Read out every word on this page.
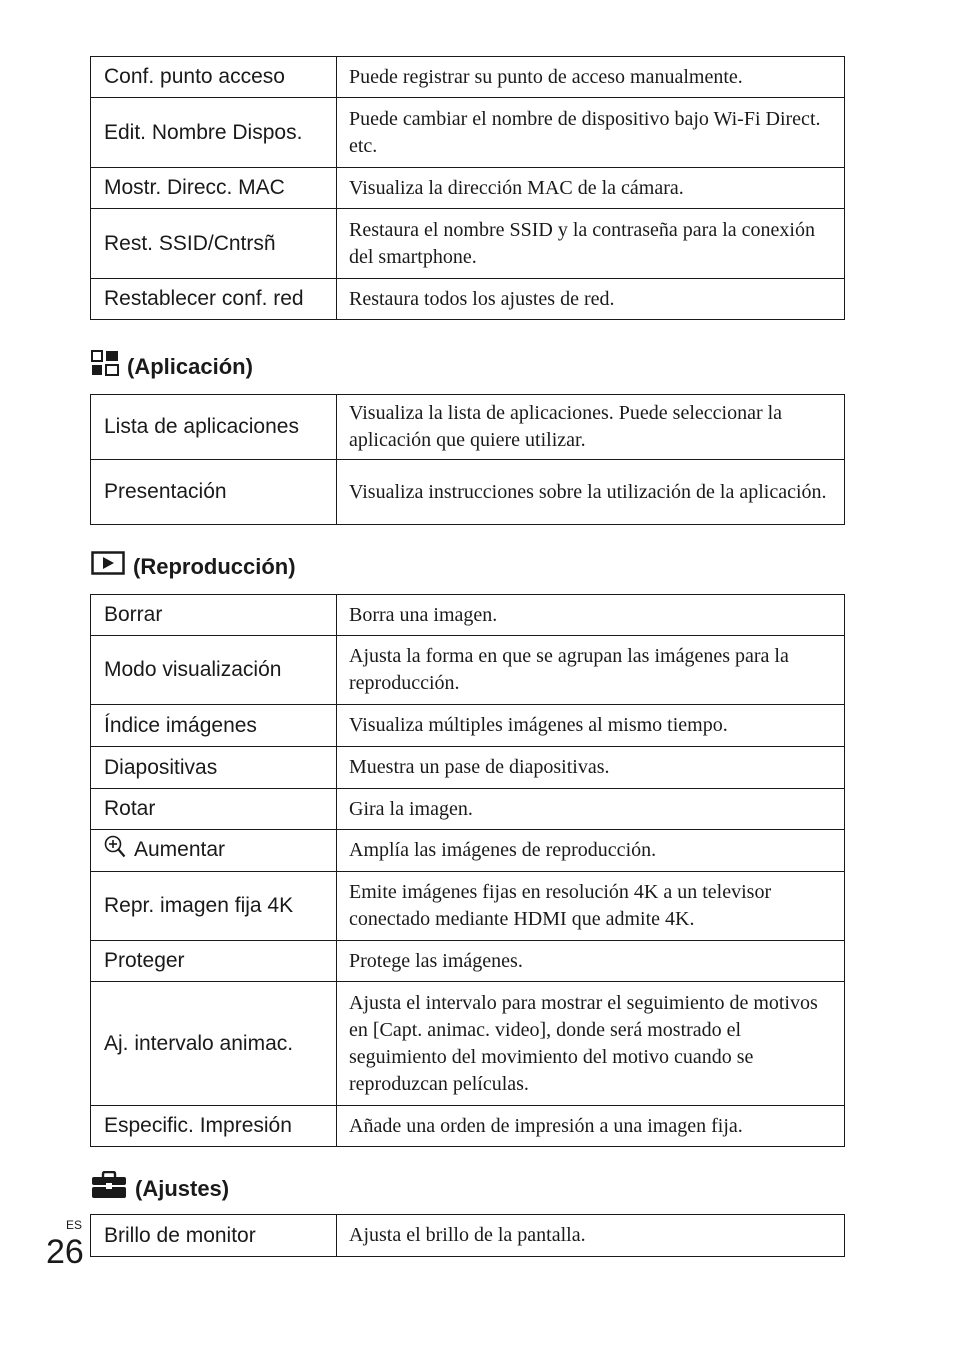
Conf. punto acceso	Puede registrar su punto de acceso manualmente.
Edit. Nombre Dispos.	Puede cambiar el nombre de dispositivo bajo Wi-Fi Direct. etc.
Mostr. Direcc. MAC	Visualiza la dirección MAC de la cámara.
Rest. SSID/Cntrsñ	Restaura el nombre SSID y la contraseña para la conexión del smartphone.
Restablecer conf. red	Restaura todos los ajustes de red.
(Aplicación)
Lista de aplicaciones	Visualiza la lista de aplicaciones. Puede seleccionar la aplicación que quiere utilizar.
Presentación	Visualiza instrucciones sobre la utilización de la aplicación.
(Reproducción)
Borrar	Borra una imagen.
Modo visualización	Ajusta la forma en que se agrupan las imágenes para la reproducción.
Índice imágenes	Visualiza múltiples imágenes al mismo tiempo.
Diapositivas	Muestra un pase de diapositivas.
Rotar	Gira la imagen.
Aumentar	Amplía las imágenes de reproducción.
Repr. imagen fija 4K	Emite imágenes fijas en resolución 4K a un televisor conectado mediante HDMI que admite 4K.
Proteger	Protege las imágenes.
Aj. intervalo animac.	Ajusta el intervalo para mostrar el seguimiento de motivos en [Capt. animac. video], donde será mostrado el seguimiento del movimiento del motivo cuando se reproduzcan películas.
Especific. Impresión	Añade una orden de impresión a una imagen fija.
(Ajustes)
Brillo de monitor	Ajusta el brillo de la pantalla.
ES
26
